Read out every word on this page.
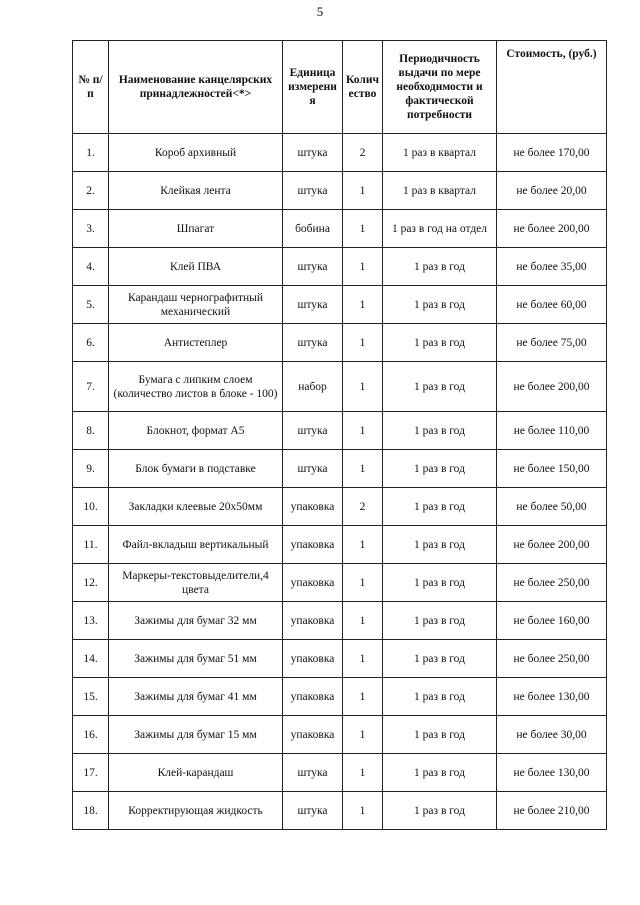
5
№ п/п	Наименование канцелярских принадлежностей<*>	Единица измерения	Количество	Периодичность выдачи по мере необходимости и фактической потребности	Стоимость, (руб.)
1.	Короб архивный	штука	2	1 раз в квартал	не более 170,00
2.	Клейкая лента	штука	1	1 раз в квартал	не более 20,00
3.	Шпагат	бобина	1	1 раз в год на отдел	не более 200,00
4.	Клей ПВА	штука	1	1 раз в год	не более 35,00
5.	Карандаш чернографитный механический	штука	1	1 раз в год	не более 60,00
6.	Антистеплер	штука	1	1 раз в год	не более 75,00
7.	Бумага с липким слоем (количество листов в блоке - 100)	набор	1	1 раз в год	не более 200,00
8.	Блокнот, формат А5	штука	1	1 раз в год	не более 110,00
9.	Блок бумаги в подставке	штука	1	1 раз в год	не более 150,00
10.	Закладки клеевые 20х50мм	упаковка	2	1 раз в год	не более 50,00
11.	Файл-вкладыш вертикальный	упаковка	1	1 раз в год	не более 200,00
12.	Маркеры-текстовыделители,4 цвета	упаковка	1	1 раз в год	не более 250,00
13.	Зажимы для бумаг 32 мм	упаковка	1	1 раз в год	не более 160,00
14.	Зажимы для бумаг 51 мм	упаковка	1	1 раз в год	не более 250,00
15.	Зажимы для бумаг 41 мм	упаковка	1	1 раз в год	не более 130,00
16.	Зажимы для бумаг 15 мм	упаковка	1	1 раз в год	не более 30,00
17.	Клей-карандаш	штука	1	1 раз в год	не более 130,00
18.	Корректирующая жидкость	штука	1	1 раз в год	не более 210,00
